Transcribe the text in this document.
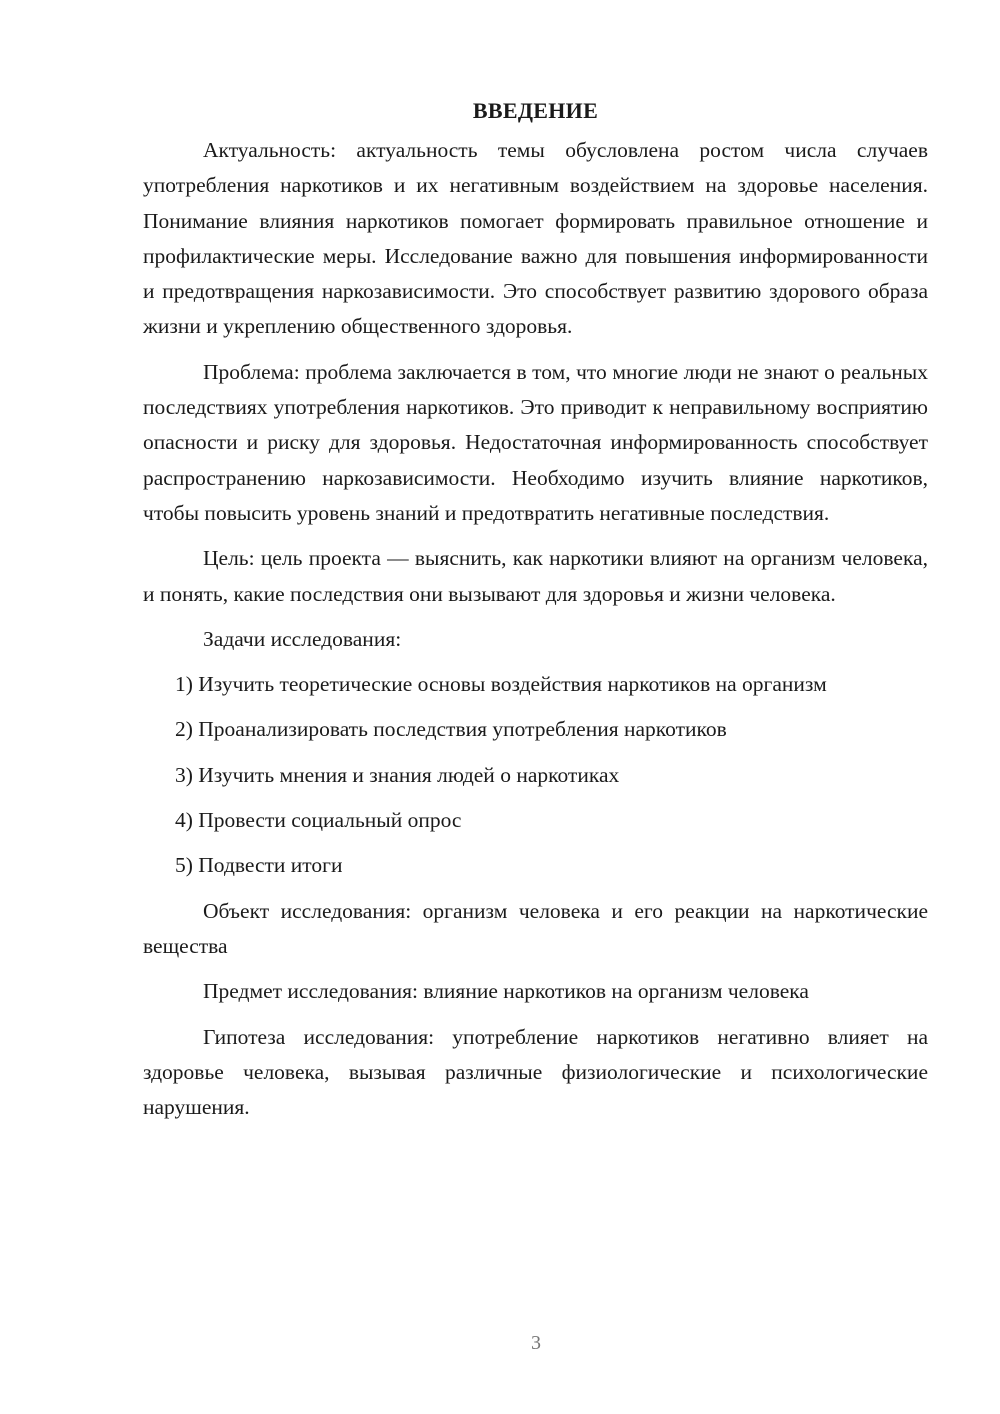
ВВЕДЕНИЕ

Актуальность: актуальность темы обусловлена ростом числа случаев употребления наркотиков и их негативным воздействием на здоровье населения. Понимание влияния наркотиков помогает формировать правильное отношение и профилактические меры. Исследование важно для повышения информированности и предотвращения наркозависимости. Это способствует развитию здорового образа жизни и укреплению общественного здоровья.

Проблема: проблема заключается в том, что многие люди не знают о реальных последствиях употребления наркотиков. Это приводит к неправильному восприятию опасности и риску для здоровья. Недостаточная информированность способствует распространению наркозависимости. Необходимо изучить влияние наркотиков, чтобы повысить уровень знаний и предотвратить негативные последствия.

Цель: цель проекта — выяснить, как наркотики влияют на организм человека, и понять, какие последствия они вызывают для здоровья и жизни человека.

Задачи исследования:

1) Изучить теоретические основы воздействия наркотиков на организм

2) Проанализировать последствия употребления наркотиков

3) Изучить мнения и знания людей о наркотиках

4) Провести социальный опрос

5) Подвести итоги

Объект исследования: организм человека и его реакции на наркотические вещества

Предмет исследования: влияние наркотиков на организм человека

Гипотеза исследования: употребление наркотиков негативно влияет на здоровье человека, вызывая различные физиологические и психологические нарушения.

3
